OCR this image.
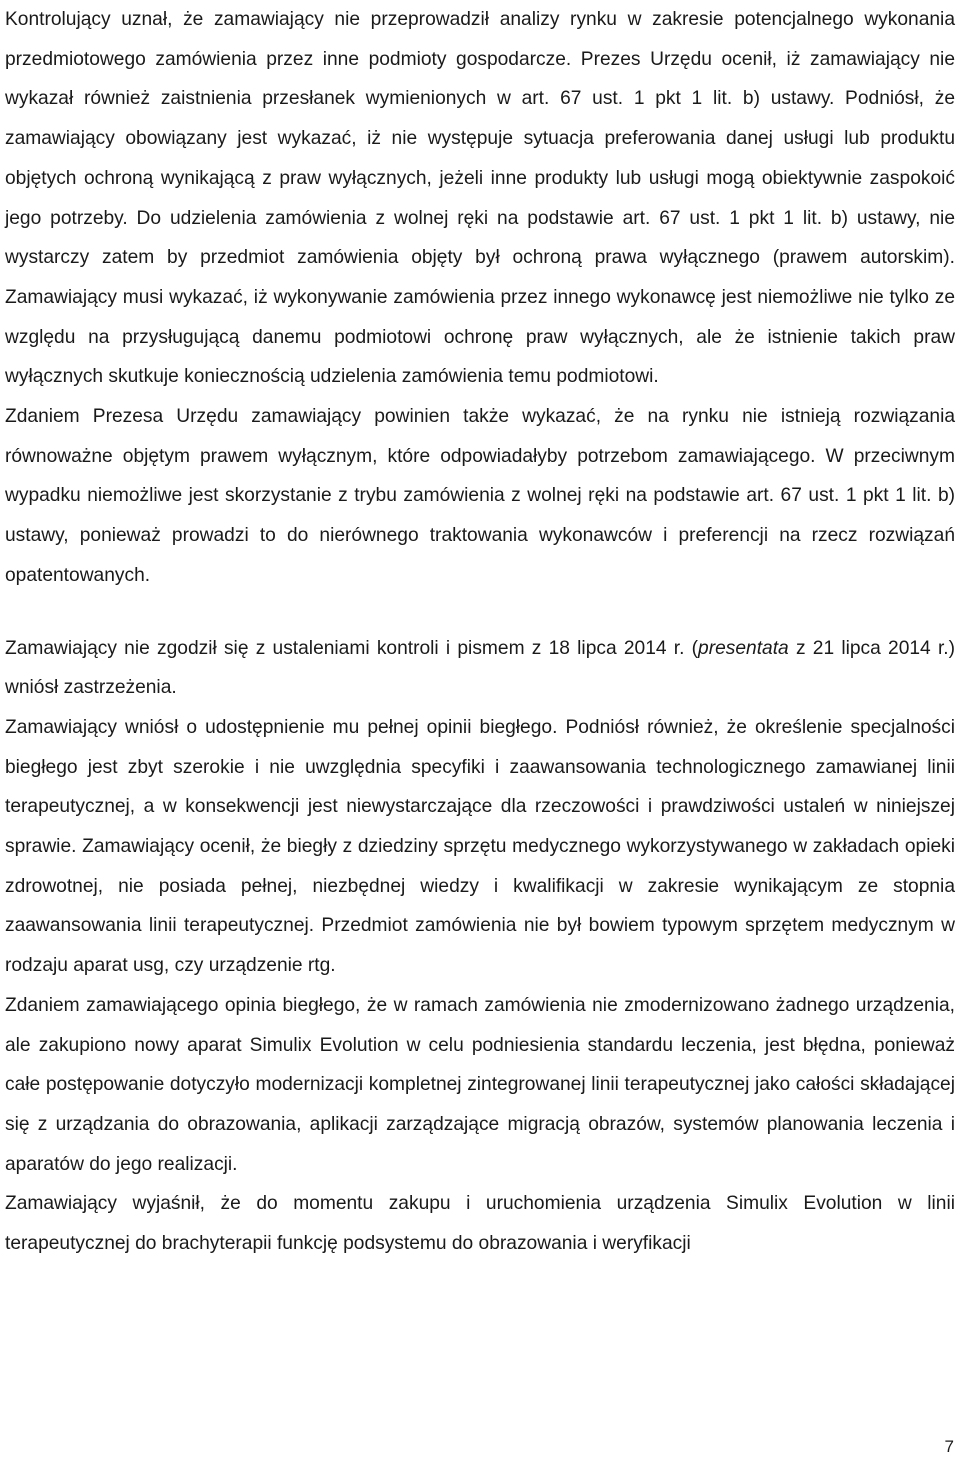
Kontrolujący uznał, że zamawiający nie przeprowadził analizy rynku w zakresie potencjalnego wykonania przedmiotowego zamówienia przez inne podmioty gospodarcze. Prezes Urzędu ocenił, iż zamawiający nie wykazał również zaistnienia przesłanek wymienionych w art. 67 ust. 1 pkt 1 lit. b) ustawy. Podniósł, że zamawiający obowiązany jest wykazać, iż nie występuje sytuacja preferowania danej usługi lub produktu objętych ochroną wynikającą z praw wyłącznych, jeżeli inne produkty lub usługi mogą obiektywnie zaspokoić jego potrzeby. Do udzielenia zamówienia z wolnej ręki na podstawie art. 67 ust. 1 pkt 1 lit. b) ustawy, nie wystarczy zatem by przedmiot zamówienia objęty był ochroną prawa wyłącznego (prawem autorskim). Zamawiający musi wykazać, iż wykonywanie zamówienia przez innego wykonawcę jest niemożliwe nie tylko ze względu na przysługującą danemu podmiotowi ochronę praw wyłącznych, ale że istnienie takich praw wyłącznych skutkuje koniecznością udzielenia zamówienia temu podmiotowi.

Zdaniem Prezesa Urzędu zamawiający powinien także wykazać, że na rynku nie istnieją rozwiązania równoważne objętym prawem wyłącznym, które odpowiadałyby potrzebom zamawiającego. W przeciwnym wypadku niemożliwe jest skorzystanie z trybu zamówienia z wolnej ręki na podstawie art. 67 ust. 1 pkt 1 lit. b) ustawy, ponieważ prowadzi to do nierównego traktowania wykonawców i preferencji na rzecz rozwiązań opatentowanych.

Zamawiający nie zgodził się z ustaleniami kontroli i pismem z 18 lipca 2014 r. (presentata z 21 lipca 2014 r.) wniósł zastrzeżenia.

Zamawiający wniósł o udostępnienie mu pełnej opinii biegłego. Podniósł również, że określenie specjalności biegłego jest zbyt szerokie i nie uwzględnia specyfiki i zaawansowania technologicznego zamawianej linii terapeutycznej, a w konsekwencji jest niewystarczające dla rzeczowości i prawdziwości ustaleń w niniejszej sprawie. Zamawiający ocenił, że biegły z dziedziny sprzętu medycznego wykorzystywanego w zakładach opieki zdrowotnej, nie posiada pełnej, niezbędnej wiedzy i kwalifikacji w zakresie wynikającym ze stopnia zaawansowania linii terapeutycznej. Przedmiot zamówienia nie był bowiem typowym sprzętem medycznym w rodzaju aparat usg, czy urządzenie rtg.

Zdaniem zamawiającego opinia biegłego, że w ramach zamówienia nie zmodernizowano żadnego urządzenia, ale zakupiono nowy aparat Simulix Evolution w celu podniesienia standardu leczenia, jest błędna, ponieważ całe postępowanie dotyczyło modernizacji kompletnej zintegrowanej linii terapeutycznej jako całości składającej się z urządzania do obrazowania, aplikacji zarządzające migracją obrazów, systemów planowania leczenia i aparatów do jego realizacji.

Zamawiający wyjaśnił, że do momentu zakupu i uruchomienia urządzenia Simulix Evolution w linii terapeutycznej do brachyterapii funkcję podsystemu do obrazowania i weryfikacji

7
